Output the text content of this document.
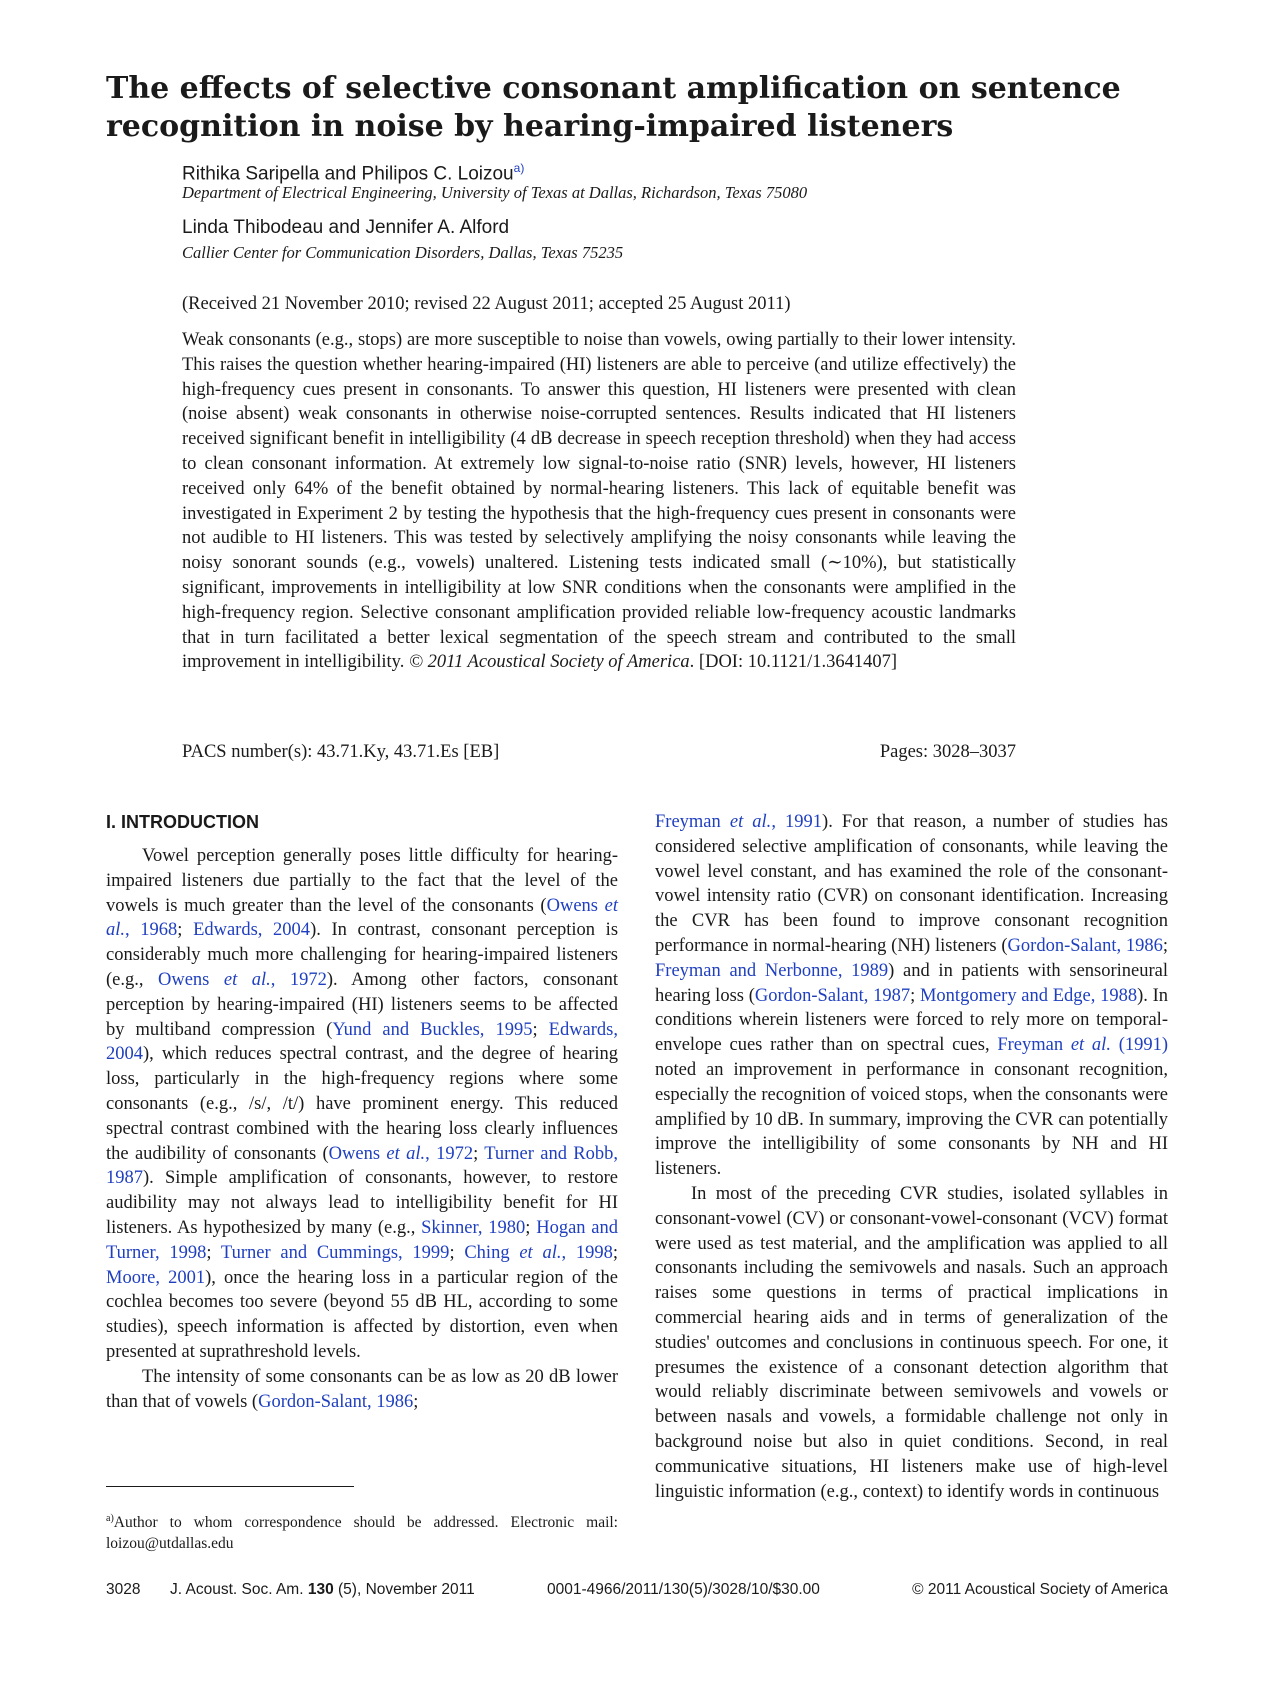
The effects of selective consonant amplification on sentence recognition in noise by hearing-impaired listeners
Rithika Saripella and Philipos C. Loizou$^{a)}$
Department of Electrical Engineering, University of Texas at Dallas, Richardson, Texas 75080
Linda Thibodeau and Jennifer A. Alford
Callier Center for Communication Disorders, Dallas, Texas 75235
(Received 21 November 2010; revised 22 August 2011; accepted 25 August 2011)

Weak consonants (e.g., stops) are more susceptible to noise than vowels, owing partially to their lower intensity. This raises the question whether hearing-impaired (HI) listeners are able to perceive (and utilize effectively) the high-frequency cues present in consonants. To answer this question, HI listeners were presented with clean (noise absent) weak consonants in otherwise noise-corrupted sentences. Results indicated that HI listeners received significant benefit in intelligibility (4 dB decrease in speech reception threshold) when they had access to clean consonant information. At extremely low signal-to-noise ratio (SNR) levels, however, HI listeners received only 64% of the benefit obtained by normal-hearing listeners. This lack of equitable benefit was investigated in Experiment 2 by testing the hypothesis that the high-frequency cues present in consonants were not audible to HI listeners. This was tested by selectively amplifying the noisy consonants while leaving the noisy sonorant sounds (e.g., vowels) unaltered. Listening tests indicated small (∼10%), but statistically significant, improvements in intelligibility at low SNR conditions when the consonants were amplified in the high-frequency region. Selective consonant amplification provided reliable low-frequency acoustic landmarks that in turn facilitated a better lexical segmentation of the speech stream and contributed to the small improvement in intelligibility. © 2011 Acoustical Society of America. [DOI: 10.1121/1.3641407]

PACS number(s): 43.71.Ky, 43.71.Es [EB]	Pages: 3028–3037
I. INTRODUCTION

Vowel perception generally poses little difficulty for hearing-impaired listeners due partially to the fact that the level of the vowels is much greater than the level of the consonants (Owens et al., 1968; Edwards, 2004). In contrast, consonant perception is considerably much more challenging for hearing-impaired listeners (e.g., Owens et al., 1972). Among other factors, consonant perception by hearing-impaired (HI) listeners seems to be affected by multiband compression (Yund and Buckles, 1995; Edwards, 2004), which reduces spectral contrast, and the degree of hearing loss, particularly in the high-frequency regions where some consonants (e.g., /s/, /t/) have prominent energy. This reduced spectral contrast combined with the hearing loss clearly influences the audibility of consonants (Owens et al., 1972; Turner and Robb, 1987). Simple amplification of consonants, however, to restore audibility may not always lead to intelligibility benefit for HI listeners. As hypothesized by many (e.g., Skinner, 1980; Hogan and Turner, 1998; Turner and Cummings, 1999; Ching et al., 1998; Moore, 2001), once the hearing loss in a particular region of the cochlea becomes too severe (beyond 55 dB HL, according to some studies), speech information is affected by distortion, even when presented at suprathreshold levels.

The intensity of some consonants can be as low as 20 dB lower than that of vowels (Gordon-Salant, 1986;

$^{a)}$Author to whom correspondence should be addressed. Electronic mail: loizou@utdallas.edu

Freyman et al., 1991). For that reason, a number of studies has considered selective amplification of consonants, while leaving the vowel level constant, and has examined the role of the consonant-vowel intensity ratio (CVR) on consonant identification. Increasing the CVR has been found to improve consonant recognition performance in normal-hearing (NH) listeners (Gordon-Salant, 1986; Freyman and Nerbonne, 1989) and in patients with sensorineural hearing loss (Gordon-Salant, 1987; Montgomery and Edge, 1988). In conditions wherein listeners were forced to rely more on temporal-envelope cues rather than on spectral cues, Freyman et al. (1991) noted an improvement in performance in consonant recognition, especially the recognition of voiced stops, when the consonants were amplified by 10 dB. In summary, improving the CVR can potentially improve the intelligibility of some consonants by NH and HI listeners.

In most of the preceding CVR studies, isolated syllables in consonant-vowel (CV) or consonant-vowel-consonant (VCV) format were used as test material, and the amplification was applied to all consonants including the semivowels and nasals. Such an approach raises some questions in terms of practical implications in commercial hearing aids and in terms of generalization of the studies' outcomes and conclusions in continuous speech. For one, it presumes the existence of a consonant detection algorithm that would reliably discriminate between semivowels and vowels or between nasals and vowels, a formidable challenge not only in background noise but also in quiet conditions. Second, in real communicative situations, HI listeners make use of high-level linguistic information (e.g., context) to identify words in continuous

3028 J. Acoust. Soc. Am. 130 (5), November 2011	0001-4966/2011/130(5)/3028/10/$30.00	© 2011 Acoustical Society of America
